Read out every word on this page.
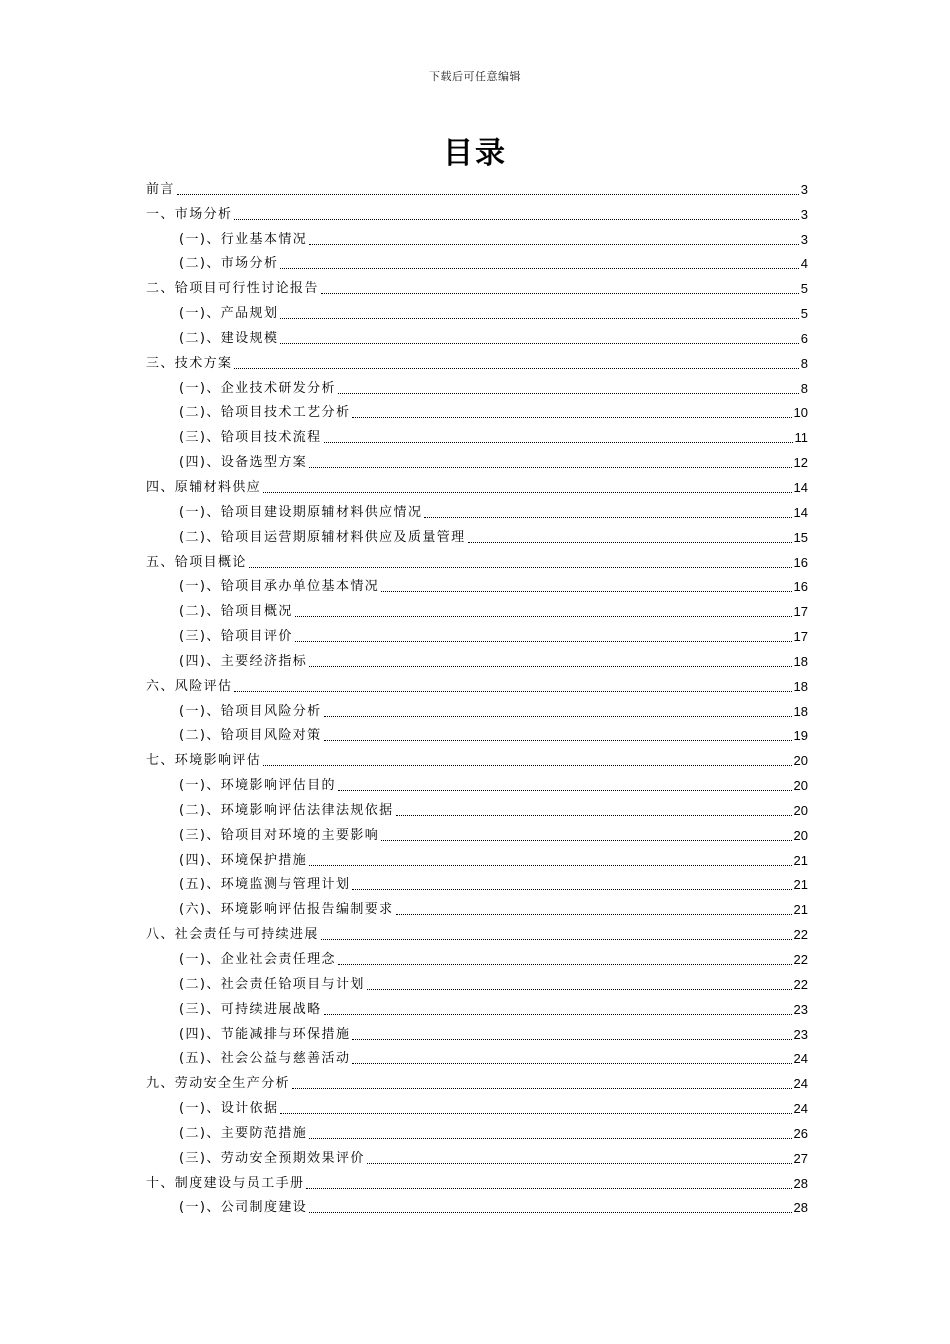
下载后可任意编辑
目录
前言	3
一、市场分析	3
(一)、行业基本情况	3
(二)、市场分析	4
二、铪项目可行性讨论报告	5
(一)、产品规划	5
(二)、建设规模	6
三、技术方案	8
(一)、企业技术研发分析	8
(二)、铪项目技术工艺分析	10
(三)、铪项目技术流程	11
(四)、设备选型方案	12
四、原辅材料供应	14
(一)、铪项目建设期原辅材料供应情况	14
(二)、铪项目运营期原辅材料供应及质量管理	15
五、铪项目概论	16
(一)、铪项目承办单位基本情况	16
(二)、铪项目概况	17
(三)、铪项目评价	17
(四)、主要经济指标	18
六、风险评估	18
(一)、铪项目风险分析	18
(二)、铪项目风险对策	19
七、环境影响评估	20
(一)、环境影响评估目的	20
(二)、环境影响评估法律法规依据	20
(三)、铪项目对环境的主要影响	20
(四)、环境保护措施	21
(五)、环境监测与管理计划	21
(六)、环境影响评估报告编制要求	21
八、社会责任与可持续进展	22
(一)、企业社会责任理念	22
(二)、社会责任铪项目与计划	22
(三)、可持续进展战略	23
(四)、节能减排与环保措施	23
(五)、社会公益与慈善活动	24
九、劳动安全生产分析	24
(一)、设计依据	24
(二)、主要防范措施	26
(三)、劳动安全预期效果评价	27
十、制度建设与员工手册	28
(一)、公司制度建设	28
